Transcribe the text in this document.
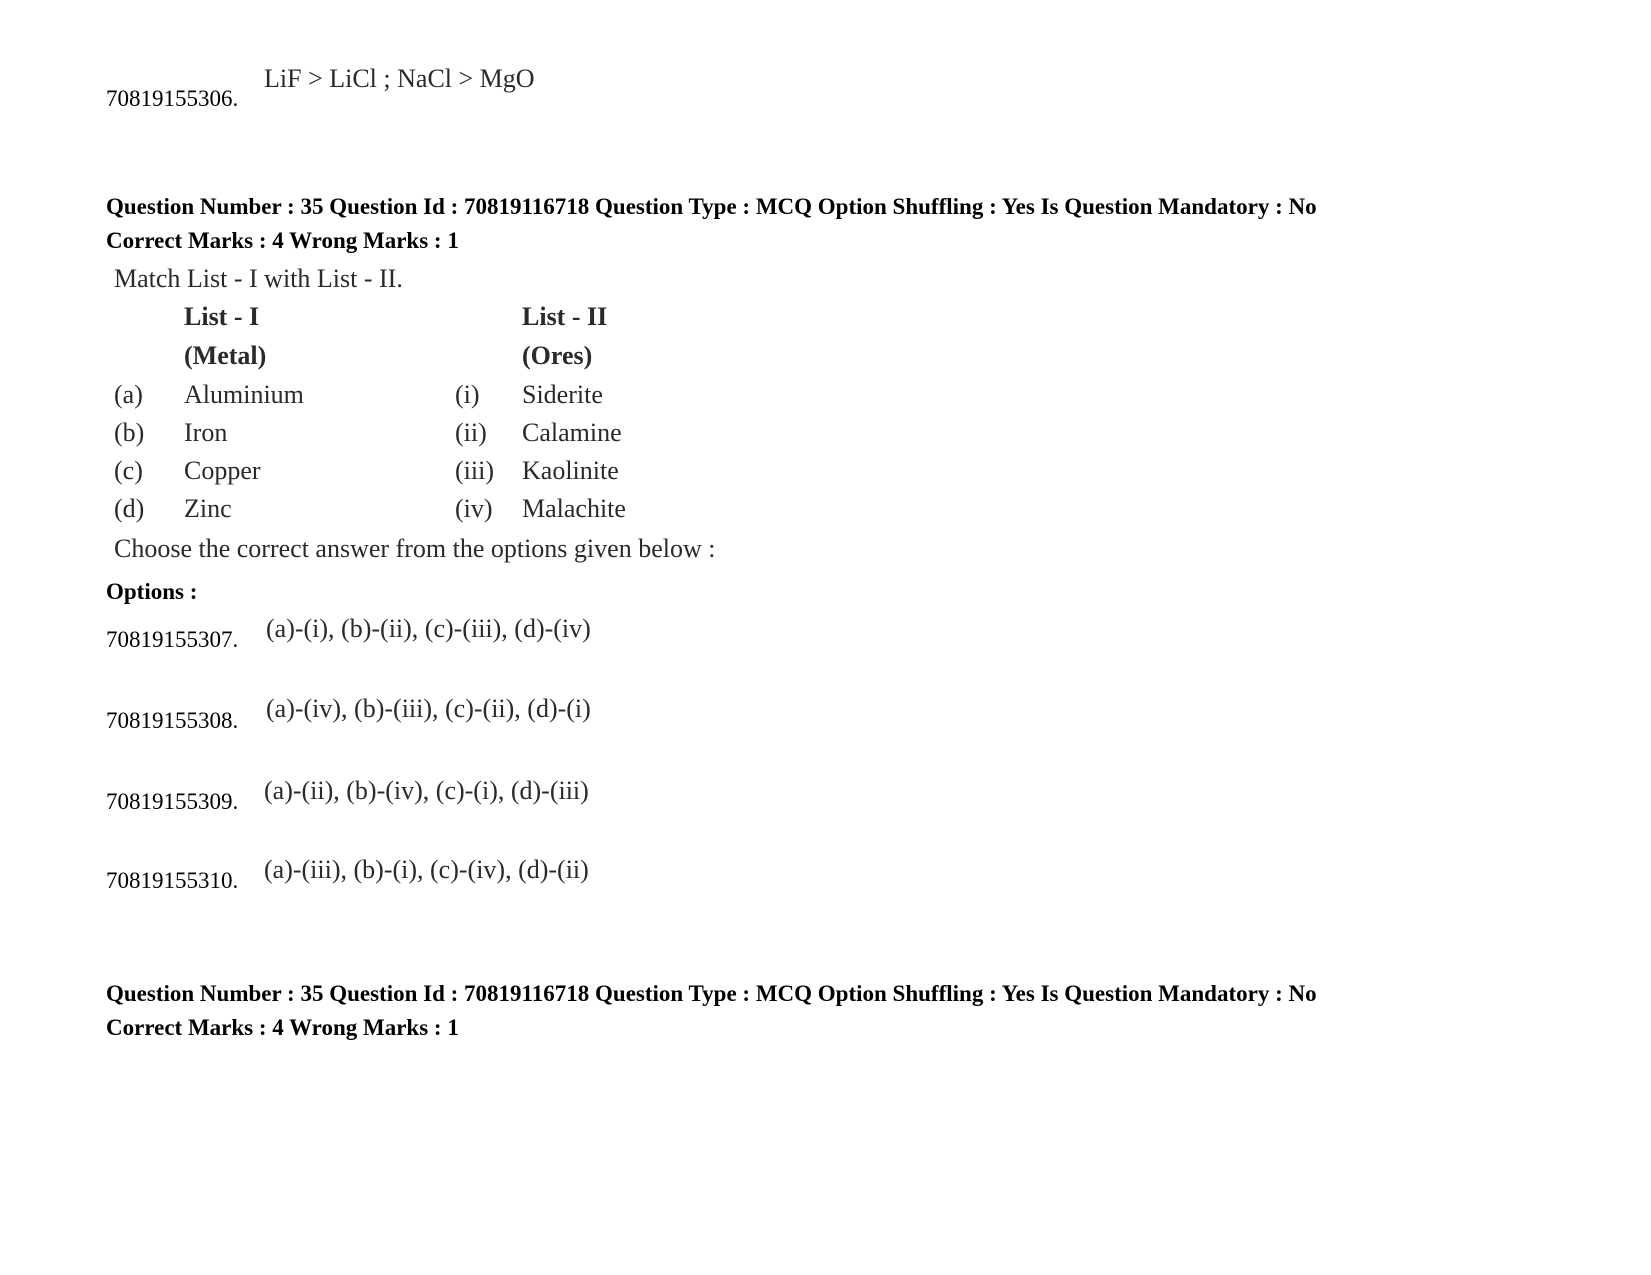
70819155306.
LiF > LiCl ; NaCl > MgO
Question Number : 35 Question Id : 70819116718 Question Type : MCQ Option Shuffling : Yes Is Question Mandatory : No
Correct Marks : 4 Wrong Marks : 1
Match List - I with List - II.
List - I	List - II
(Metal)	(Ores)
(a) Aluminium	(i) Siderite
(b) Iron	(ii) Calamine
(c) Copper	(iii) Kaolinite
(d) Zinc	(iv) Malachite
Choose the correct answer from the options given below :
Options :
70819155307. (a)-(i), (b)-(ii), (c)-(iii), (d)-(iv)
70819155308. (a)-(iv), (b)-(iii), (c)-(ii), (d)-(i)
70819155309. (a)-(ii), (b)-(iv), (c)-(i), (d)-(iii)
70819155310. (a)-(iii), (b)-(i), (c)-(iv), (d)-(ii)
Question Number : 35 Question Id : 70819116718 Question Type : MCQ Option Shuffling : Yes Is Question Mandatory : No
Correct Marks : 4 Wrong Marks : 1
